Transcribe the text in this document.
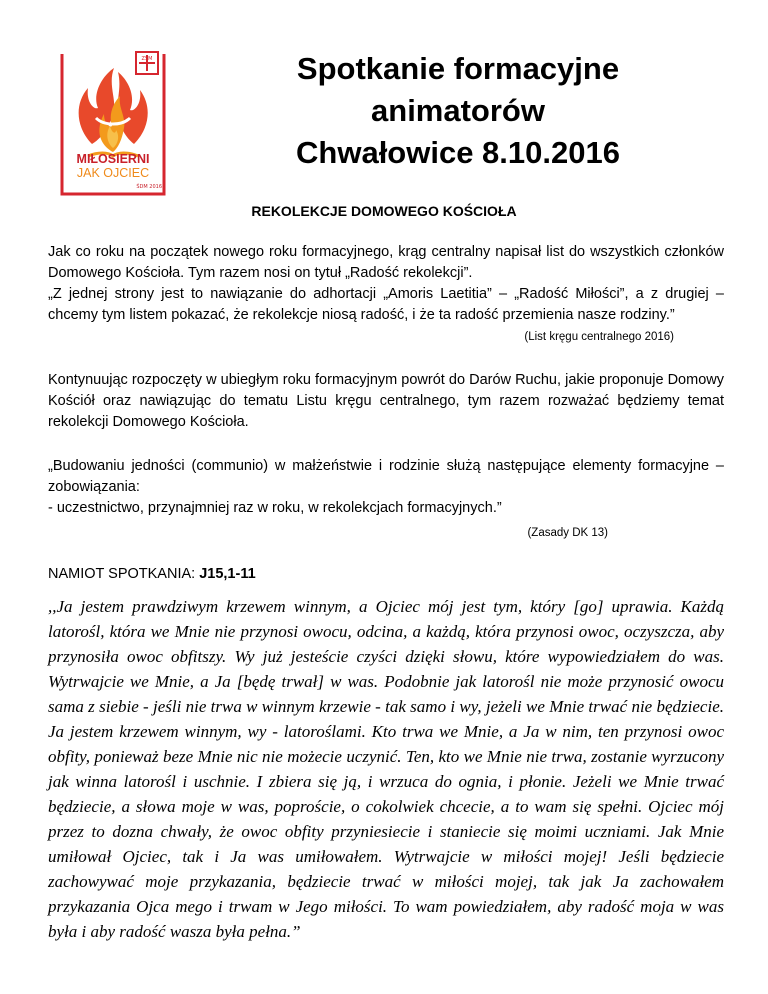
ZŚM
MIŁOSIERNI
JAK OJCIEC
ŚDM 2016
Spotkanie formacyjne
animatorów
Chwałowice 8.10.2016
REKOLEKCJE DOMOWEGO KOŚCIOŁA

Jak co roku na początek nowego roku formacyjnego, krąg centralny napisał list do wszystkich członków Domowego Kościoła. Tym razem nosi on tytuł „Radość rekolekcji”.

„Z jednej strony jest to nawiązanie do adhortacji „Amoris Laetitia” – „Radość Miłości”, a z drugiej – chcemy tym listem pokazać, że rekolekcje niosą radość, i że ta radość przemienia nasze rodziny.”

(List kręgu centralnego 2016)

Kontynuując rozpoczęty w ubiegłym roku formacyjnym powrót do Darów Ruchu, jakie proponuje Domowy Kościół oraz nawiązując do tematu Listu kręgu centralnego, tym razem rozważać będziemy temat rekolekcji Domowego Kościoła.

„Budowaniu jedności (communio) w małżeństwie i rodzinie służą następujące elementy formacyjne – zobowiązania:

- uczestnictwo, przynajmniej raz w roku, w rekolekcjach formacyjnych.”

(Zasady DK 13)
NAMIOT SPOTKANIA: J15,1-11
,,Ja jestem prawdziwym krzewem winnym, a Ojciec mój jest tym, który [go] uprawia. Każdą latorośl, która we Mnie nie przynosi owocu, odcina, a każdą, która przynosi owoc, oczyszcza, aby przynosiła owoc obfitszy. Wy już jesteście czyści dzięki słowu, które wypowiedziałem do was. Wytrwajcie we Mnie, a Ja [będę trwał] w was. Podobnie jak latorośl nie może przynosić owocu sama z siebie - jeśli nie trwa w winnym krzewie - tak samo i wy, jeżeli we Mnie trwać nie będziecie. Ja jestem krzewem winnym, wy - latoroślami. Kto trwa we Mnie, a Ja w nim, ten przynosi owoc obfity, ponieważ beze Mnie nic nie możecie uczynić. Ten, kto we Mnie nie trwa, zostanie wyrzucony jak winna latorośl i uschnie. I zbiera się ją, i wrzuca do ognia, i płonie. Jeżeli we Mnie trwać będziecie, a słowa moje w was, poproście, o cokolwiek chcecie, a to wam się spełni. Ojciec mój przez to dozna chwały, że owoc obfity przyniesiecie i staniecie się moimi uczniami. Jak Mnie umiłował Ojciec, tak i Ja was umiłowałem. Wytrwajcie w miłości mojej! Jeśli będziecie zachowywać moje przykazania, będziecie trwać w miłości mojej, tak jak Ja zachowałem przykazania Ojca mego i trwam w Jego miłości. To wam powiedziałem, aby radość moja w was była i aby radość wasza była pełna.”
